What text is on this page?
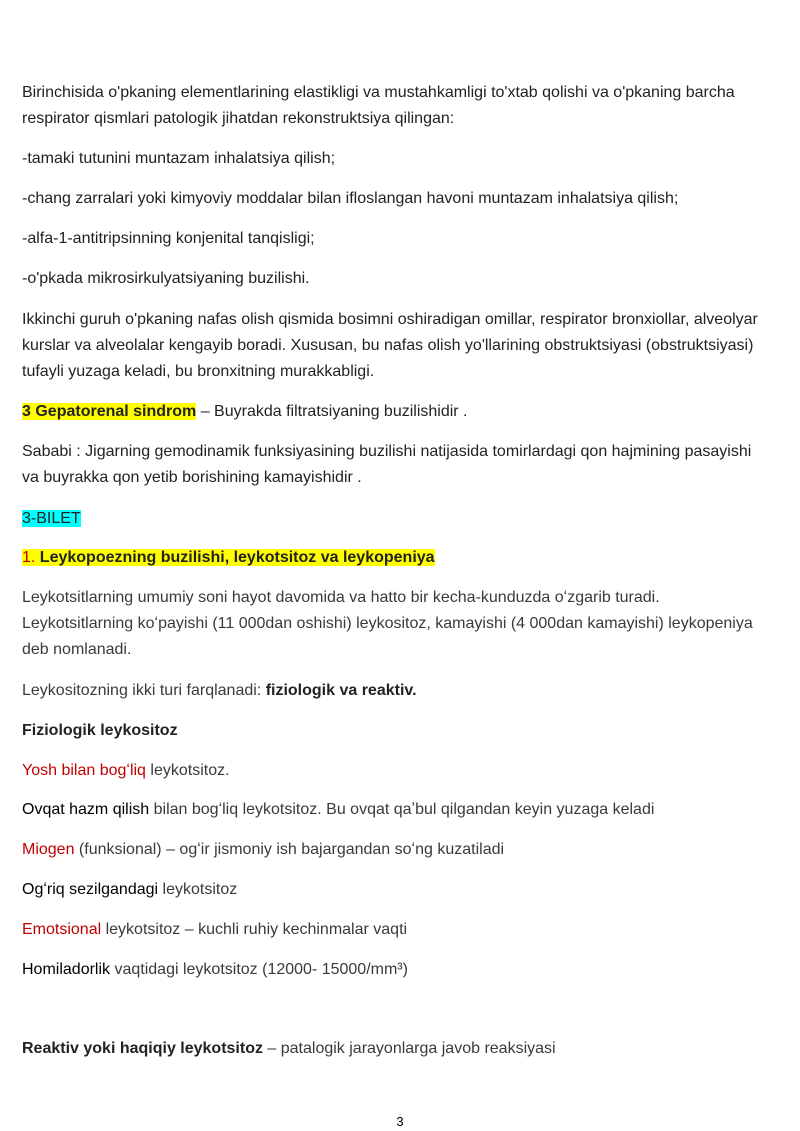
Birinchisida o'pkaning elementlarining elastikligi va mustahkamligi to'xtab qolishi va o'pkaning barcha respirator qismlari patologik jihatdan rekonstruktsiya qilingan:

-tamaki tutunini muntazam inhalatsiya qilish;

-chang zarralari yoki kimyoviy moddalar bilan ifloslangan havoni muntazam inhalatsiya qilish;

-alfa-1-antitripsinning konjenital tanqisligi;

-o'pkada mikrosirkulyatsiyaning buzilishi.

Ikkinchi guruh o'pkaning nafas olish qismida bosimni oshiradigan omillar, respirator bronxiollar, alveolyar kurslar va alveolalar kengayib boradi. Xususan, bu nafas olish yo'llarining obstruktsiyasi (obstruktsiyasi) tufayli yuzaga keladi, bu bronxitning murakkabligi.

3 Gepatorenal sindrom – Buyrakda filtratsiyaning buzilishidir .

Sababi : Jigarning gemodinamik funksiyasining buzilishi natijasida tomirlardagi qon hajmining pasayishi va buyrakka qon yetib borishining kamayishidir .

3-BILET

1. Leykopoezning buzilishi, leykotsitoz va leykopeniya

Leykotsitlarning umumiy soni hayot davomida va hatto bir kecha-kunduzda oʻzgarib turadi. Leykotsitlarning koʻpayishi (11 000dan oshishi) leykositoz, kamayishi (4 000dan kamayishi) leykopeniya deb nomlanadi.

Leykositozning ikki turi farqlanadi: fiziologik va reaktiv.

Fiziologik leykositoz

Yosh bilan bogʻliq leykotsitoz.

Ovqat hazm qilish bilan bogʻliq leykotsitoz. Bu ovqat qaʼbul qilgandan keyin yuzaga keladi

Miogen (funksional) – ogʻir jismoniy ish bajargandan soʻng kuzatiladi

Ogʻriq sezilgandagi leykotsitoz

Emotsional leykotsitoz – kuchli ruhiy kechinmalar vaqti

Homiladorlik vaqtidagi leykotsitoz (12000- 15000/mm³)

Reaktiv yoki haqiqiy leykotsitoz – patalogik jarayonlarga javob reaksiyasi

3
